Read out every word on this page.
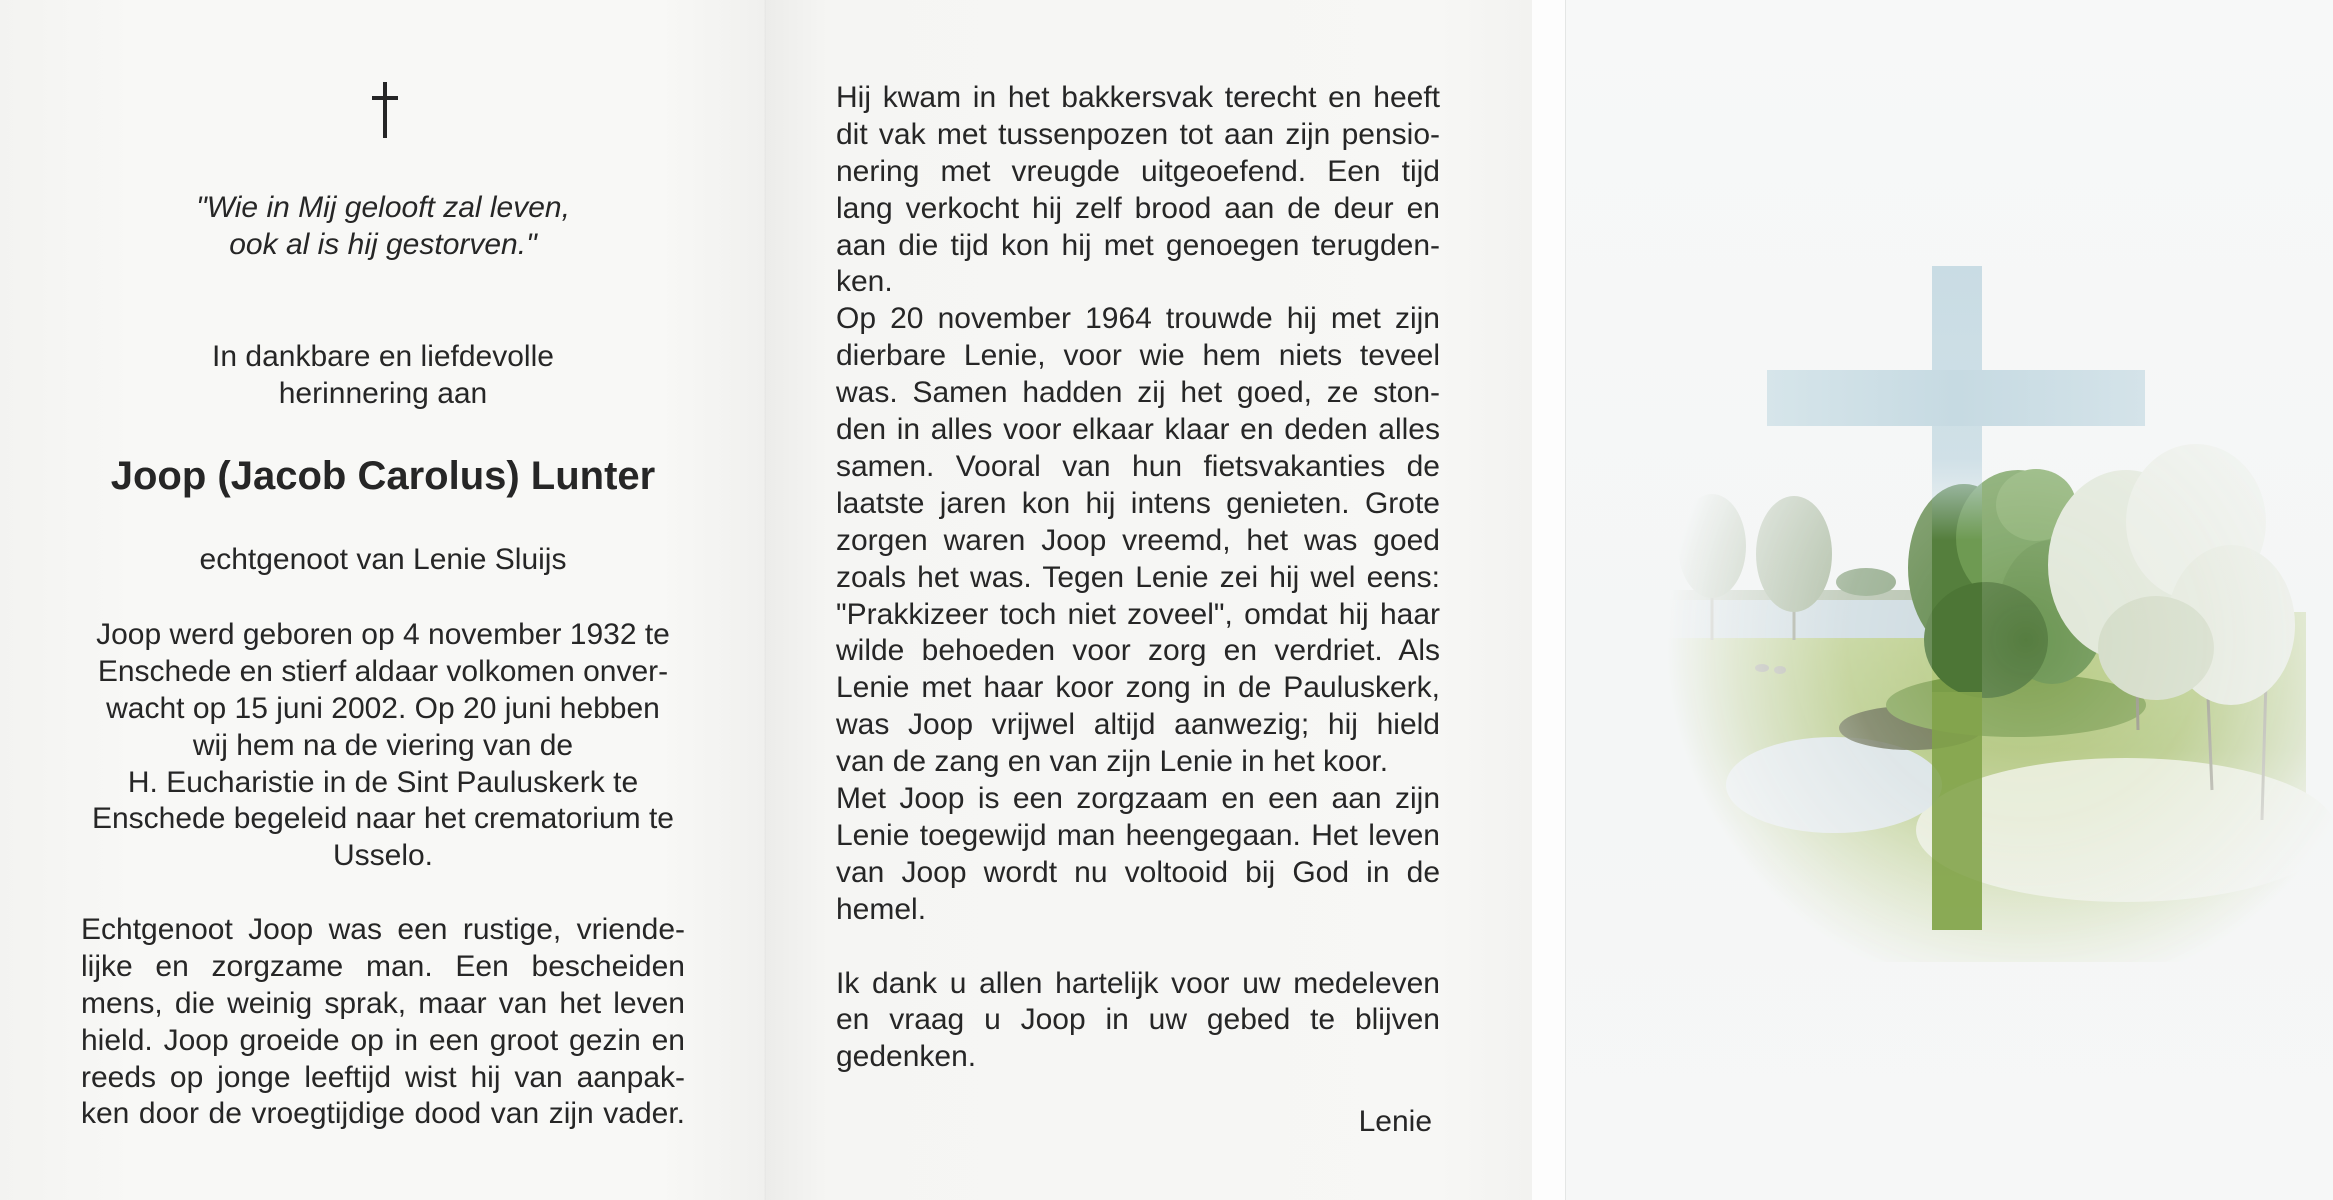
"Wie in Mij gelooft zal leven,
ook al is hij gestorven."
In dankbare en liefdevolle
herinnering aan
Joop (Jacob Carolus) Lunter
echtgenoot van Lenie Sluijs
Joop werd geboren op 4 november 1932 te
Enschede en stierf aldaar volkomen onver-
wacht op 15 juni 2002. Op 20 juni hebben
wij hem na de viering van de
H. Eucharistie in de Sint Pauluskerk te
Enschede begeleid naar het crematorium te
Usselo.
Echtgenoot Joop was een rustige, vriende-
lijke en zorgzame man. Een bescheiden
mens, die weinig sprak, maar van het leven
hield. Joop groeide op in een groot gezin en
reeds op jonge leeftijd wist hij van aanpak-
ken door de vroegtijdige dood van zijn vader.
Hij kwam in het bakkersvak terecht en heeft
dit vak met tussenpozen tot aan zijn pensio-
nering met vreugde uitgeoefend. Een tijd
lang verkocht hij zelf brood aan de deur en
aan die tijd kon hij met genoegen terugden-
ken.
Op 20 november 1964 trouwde hij met zijn
dierbare Lenie, voor wie hem niets teveel
was. Samen hadden zij het goed, ze ston-
den in alles voor elkaar klaar en deden alles
samen. Vooral van hun fietsvakanties de
laatste jaren kon hij intens genieten. Grote
zorgen waren Joop vreemd, het was goed
zoals het was. Tegen Lenie zei hij wel eens:
"Prakkizeer toch niet zoveel", omdat hij haar
wilde behoeden voor zorg en verdriet. Als
Lenie met haar koor zong in de Pauluskerk,
was Joop vrijwel altijd aanwezig; hij hield
van de zang en van zijn Lenie in het koor.
Met Joop is een zorgzaam en een aan zijn
Lenie toegewijd man heengegaan. Het leven
van Joop wordt nu voltooid bij God in de
hemel.
Ik dank u allen hartelijk voor uw medeleven
en vraag u Joop in uw gebed te blijven
gedenken.
Lenie
